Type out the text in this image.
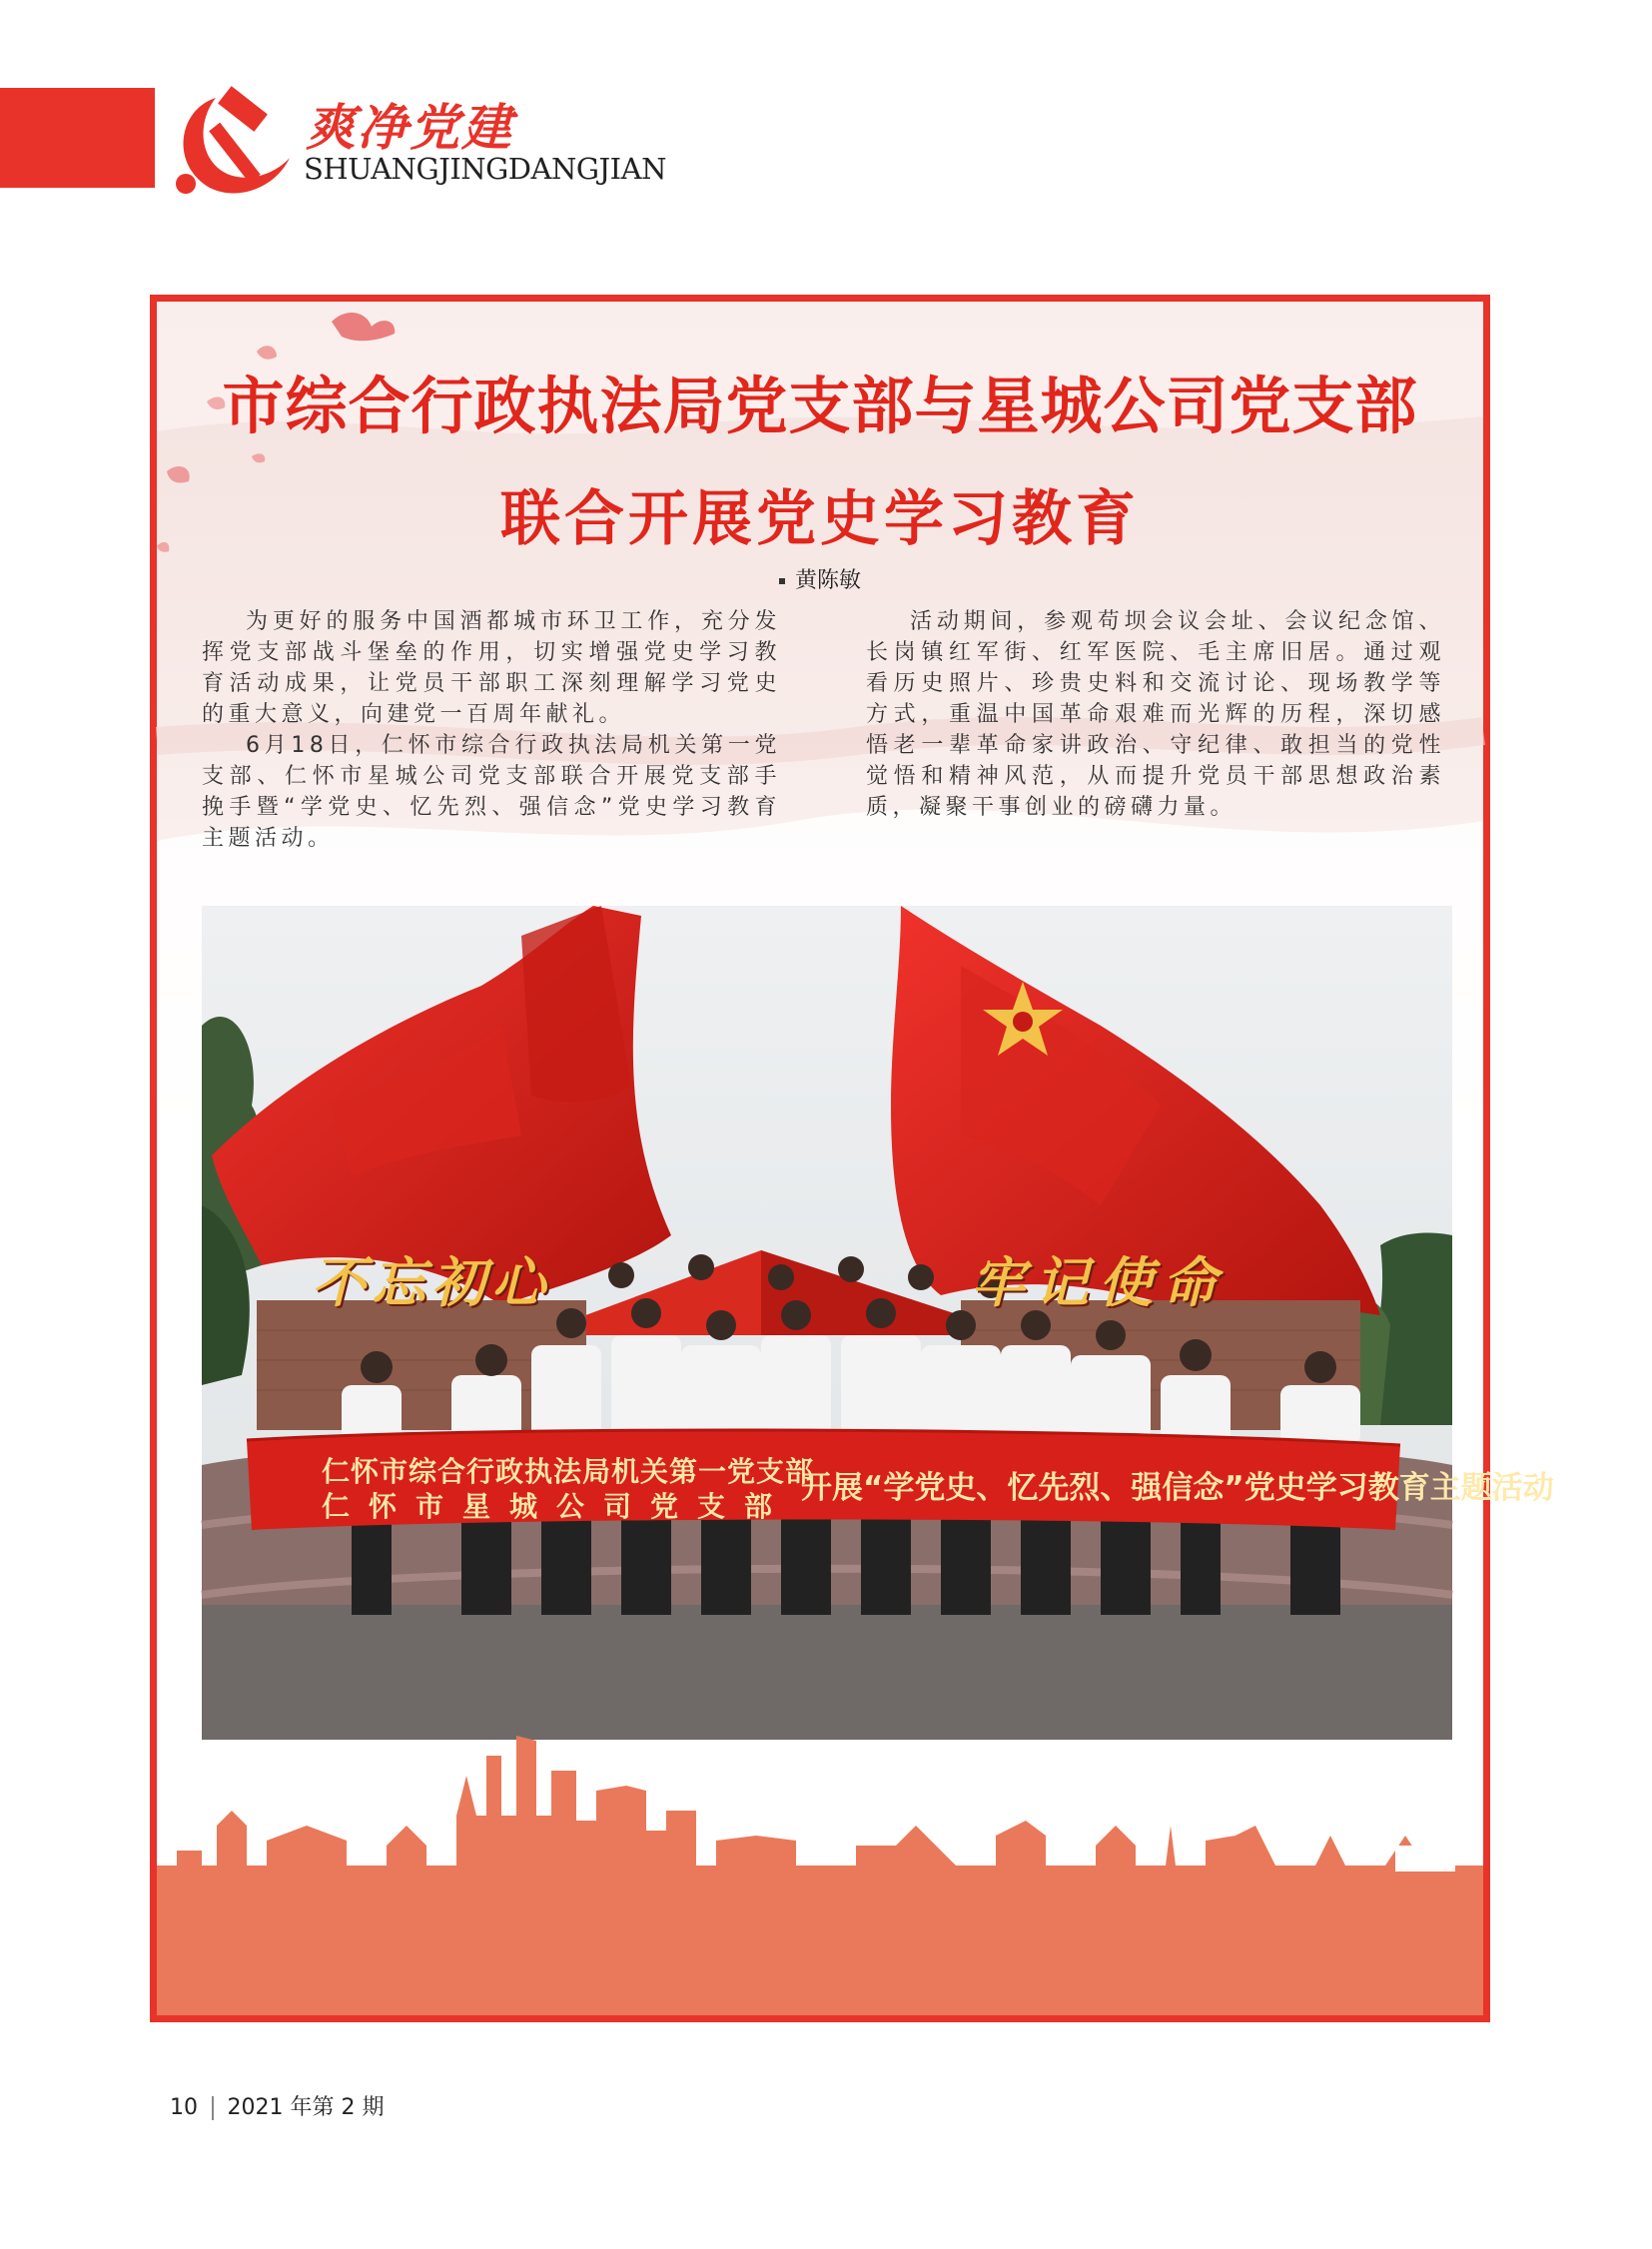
爽净党建
SHUANGJINGDANGJIAN
市综合行政执法局党支部与星城公司党支部
联合开展党史学习教育
黄陈敏

为更好的服务中国酒都城市环卫工作，充分发挥党支部战斗堡垒的作用，切实增强党史学习教育活动成果，让党员干部职工深刻理解学习党史的重大意义，向建党一百周年献礼。

6月18日，仁怀市综合行政执法局机关第一党支部、仁怀市星城公司党支部联合开展党支部手挽手暨“学党史、忆先烈、强信念”党史学习教育主题活动。

活动期间，参观苟坝会议会址、会议纪念馆、长岗镇红军街、红军医院、毛主席旧居。通过观看历史照片、珍贵史料和交流讨论、现场教学等方式，重温中国革命艰难而光辉的历程，深切感悟老一辈革命家讲政治、守纪律、敢担当的党性觉悟和精神风范，从而提升党员干部思想政治素质，凝聚干事创业的磅礴力量。

不忘初心	牢记使命
仁怀市综合行政执法局机关第一党支部
仁怀市星城公司党支部
开展“学党史、忆先烈、强信念”党史学习教育主题活动
10 2021 年第 2 期
